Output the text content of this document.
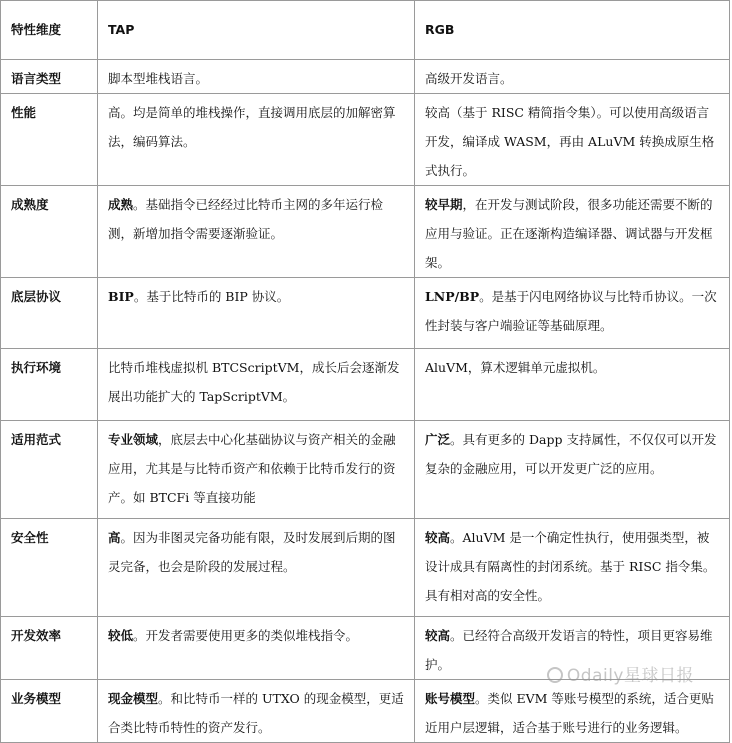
特性维度	TAP	RGB

语言类型	脚本型堆栈语言。	高级开发语言。

性能	高。均是简单的堆栈操作，直接调用底层的加解密算法，编码算法。	较高（基于 RISC 精简指令集）。可以使用高级语言开发，编译成 WASM，再由 ALuVM 转换成原生格式执行。

成熟度	成熟。基础指令已经经过比特币主网的多年运行检测，新增加指令需要逐渐验证。	较早期，在开发与测试阶段，很多功能还需要不断的应用与验证。正在逐渐构造编译器、调试器与开发框架。

底层协议	BIP。基于比特币的 BIP 协议。	LNP/BP。是基于闪电网络协议与比特币协议。一次性封装与客户端验证等基础原理。

执行环境	比特币堆栈虚拟机 BTCScriptVM，成长后会逐渐发展出功能扩大的 TapScriptVM。	AluVM，算术逻辑单元虚拟机。

适用范式	专业领域，底层去中心化基础协议与资产相关的金融应用，尤其是与比特币资产和依赖于比特币发行的资产。如 BTCFi 等直接功能	广泛。具有更多的 Dapp 支持属性，不仅仅可以开发复杂的金融应用，可以开发更广泛的应用。

安全性	高。因为非图灵完备功能有限，及时发展到后期的图灵完备，也会是阶段的发展过程。	较高。AluVM 是一个确定性执行，使用强类型，被设计成具有隔离性的封闭系统。基于 RISC 指令集。具有相对高的安全性。

开发效率	较低。开发者需要使用更多的类似堆栈指令。	较高。已经符合高级开发语言的特性，项目更容易维护。

业务模型	现金模型。和比特币一样的 UTXO 的现金模型，更适合类比特币特性的资产发行。	账号模型。类似 EVM 等账号模型的系统，适合更贴近用户层逻辑，适合基于账号进行的业务逻辑。
Odaily星球日报
